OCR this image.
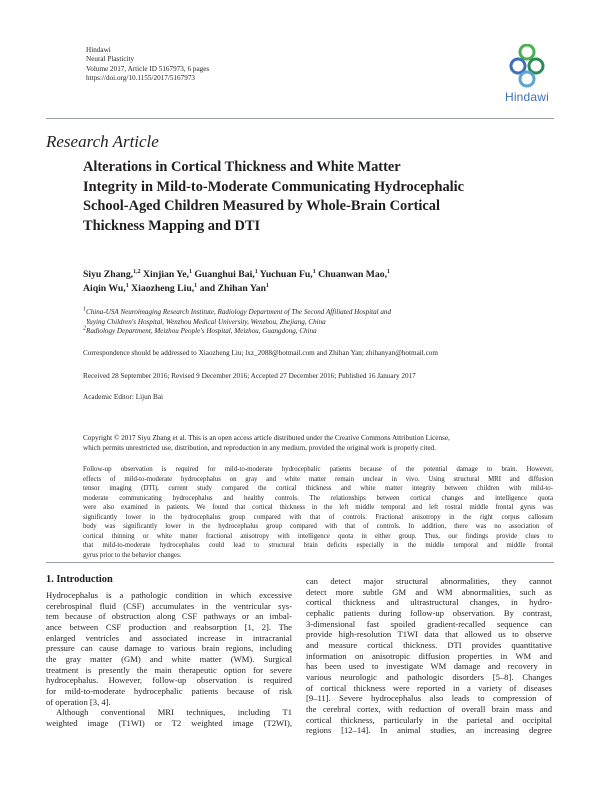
Hindawi
Neural Plasticity
Volume 2017, Article ID 5167973, 6 pages
https://doi.org/10.1155/2017/5167973
Hindawi
Research Article
Alterations in Cortical Thickness and White Matter
Integrity in Mild-to-Moderate Communicating Hydrocephalic
School-Aged Children Measured by Whole-Brain Cortical
Thickness Mapping and DTI
Siyu Zhang,$^{1,2}$ Xinjian Ye,$^1$ Guanghui Bai,$^1$ Yuchuan Fu,$^1$ Chuanwan Mao,$^1$
Aiqin Wu,$^1$ Xiaozheng Liu,$^1$ and Zhihan Yan$^1$
$^1$China-USA Neuroimaging Research Institute, Radiology Department of The Second Affiliated Hospital and
Yuying Children's Hospital, Wenzhou Medical University, Wenzhou, Zhejiang, China
$^2$Radiology Department, Meizhou People's Hospital, Meizhou, Guangdong, China
Correspondence should be addressed to Xiaozheng Liu; lxz_2088@hotmail.com and Zhihan Yan; zhihanyan@hotmail.com
Received 28 September 2016; Revised 9 December 2016; Accepted 27 December 2016; Published 16 January 2017
Academic Editor: Lijun Bai
Copyright © 2017 Siyu Zhang et al. This is an open access article distributed under the Creative Commons Attribution License,
which permits unrestricted use, distribution, and reproduction in any medium, provided the original work is properly cited.
Follow-up observation is required for mild-to-moderate hydrocephalic patients because of the potential damage to brain. However,
effects of mild-to-moderate hydrocephalus on gray and white matter remain unclear in vivo. Using structural MRI and diffusion
tensor imaging (DTI), current study compared the cortical thickness and white matter integrity between children with mild-to-
moderate communicating hydrocephalus and healthy controls. The relationships between cortical changes and intelligence quota
were also examined in patients. We found that cortical thickness in the left middle temporal and left rostral middle frontal gyrus was
significantly lower in the hydrocephalus group compared with that of controls. Fractional anisotropy in the right corpus callosum
body was significantly lower in the hydrocephalus group compared with that of controls. In addition, there was no association of
cortical thinning or white matter fractional anisotropy with intelligence quota in either group. Thus, our findings provide clues to
that mild-to-moderate hydrocephalus could lead to structural brain deficits especially in the middle temporal and middle frontal
gyrus prior to the behavior changes.
1. Introduction
Hydrocephalus is a pathologic condition in which excessive
cerebrospinal fluid (CSF) accumulates in the ventricular sys-
tem because of obstruction along CSF pathways or an imbal-
ance between CSF production and reabsorption [1, 2]. The
enlarged ventricles and associated increase in intracranial
pressure can cause damage to various brain regions, including
the gray matter (GM) and white matter (WM). Surgical
treatment is presently the main therapeutic option for severe
hydrocephalus. However, follow-up observation is required
for mild-to-moderate hydrocephalic patients because of risk
of operation [3, 4].
Although conventional MRI techniques, including T1
weighted image (T1WI) or T2 weighted image (T2WI),
can detect major structural abnormalities, they cannot
detect more subtle GM and WM abnormalities, such as
cortical thickness and ultrastructural changes, in hydro-
cephalic patients during follow-up observation. By contrast,
3-dimensional fast spoiled gradient-recalled sequence can
provide high-resolution T1WI data that allowed us to observe
and measure cortical thickness. DTI provides quantitative
information on anisotropic diffusion properties in WM and
has been used to investigate WM damage and recovery in
various neurologic and pathologic disorders [5–8]. Changes
of cortical thickness were reported in a variety of diseases
[9–11]. Severe hydrocephalus also leads to compression of
the cerebral cortex, with reduction of overall brain mass and
cortical thickness, particularly in the parietal and occipital
regions [12–14]. In animal studies, an increasing degree
